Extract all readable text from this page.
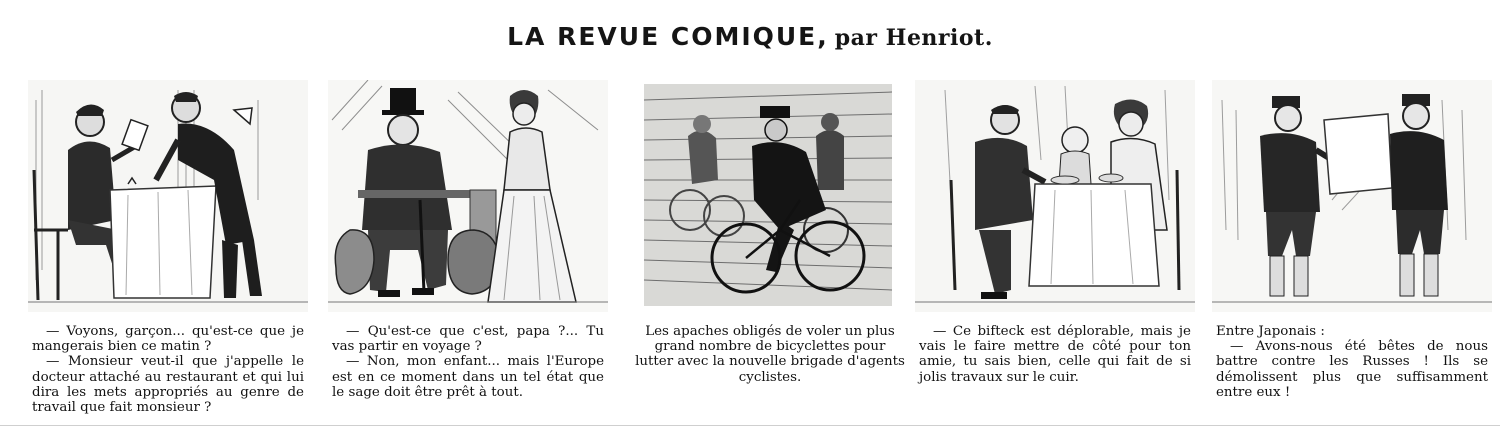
LA REVUE COMIQUE, par Henriot.

— Voyons, garçon... qu'est-ce que je mangerais bien ce matin ?

— Monsieur veut-il que j'appelle le docteur attaché au restaurant et qui lui dira les mets appropriés au genre de travail que fait monsieur ?

— Qu'est-ce que c'est, papa ?... Tu vas partir en voyage ?

— Non, mon enfant... mais l'Europe est en ce moment dans un tel état que le sage doit être prêt à tout.

Les apaches obligés de voler un plus grand nombre de bicyclettes pour lutter avec la nouvelle brigade d'agents cyclistes.

— Ce bifteck est déplorable, mais je vais le faire mettre de côté pour ton amie, tu sais bien, celle qui fait de si jolis travaux sur le cuir.

Entre Japonais :

— Avons-nous été bêtes de nous battre contre les Russes ! Ils se démolissent plus que suffisamment entre eux !
